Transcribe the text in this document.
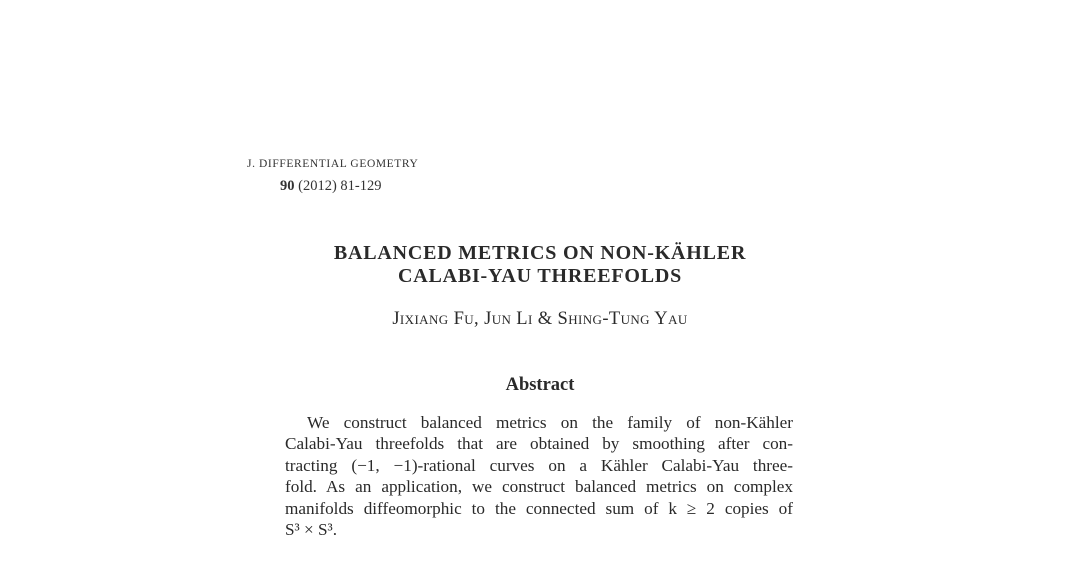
J. DIFFERENTIAL GEOMETRY
90 (2012) 81-129
BALANCED METRICS ON NON-KÄHLER
CALABI-YAU THREEFOLDS
Jixiang Fu, Jun Li & Shing-Tung Yau
Abstract
We construct balanced metrics on the family of non-Kähler
Calabi-Yau threefolds that are obtained by smoothing after con-
tracting (−1, −1)-rational curves on a Kähler Calabi-Yau three-
fold. As an application, we construct balanced metrics on complex
manifolds diffeomorphic to the connected sum of k ≥ 2 copies of
S³ × S³.
